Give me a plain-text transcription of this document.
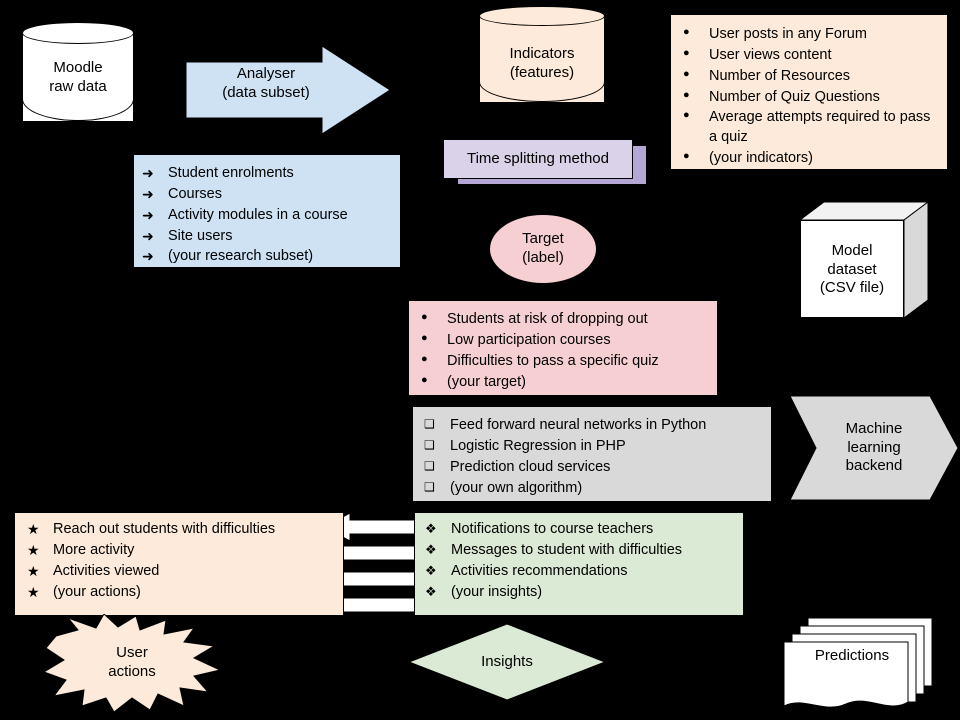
Moodle
raw data
Analyser
(data subset)
Indicators
(features)
●	User posts in any Forum
●	User views content
●	Number of Resources
●	Number of Quiz Questions
●	Average attempts required to pass a quiz
●	(your indicators)
➜ Student enrolments
➜ Courses
➜ Activity modules in a course
➜ Site users
➜ (your research subset)
Time splitting method
Target
(label)	Model
dataset
(CSV file)
●	Students at risk of dropping out
●	Low participation courses
●	Difficulties to pass a specific quiz
●	(your target)
❑	Feed forward neural networks in Python
❑	Logistic Regression in PHP
❑	Prediction cloud services
❑	(your own algorithm)
Machine
learning
backend
★ Reach out students with difficulties
★ More activity
★ Activities viewed
★ (your actions)
❖ Notifications to course teachers
❖ Messages to student with difficulties
❖ Activities recommendations
❖ (your insights)
User
actions
Insights	Predictions
